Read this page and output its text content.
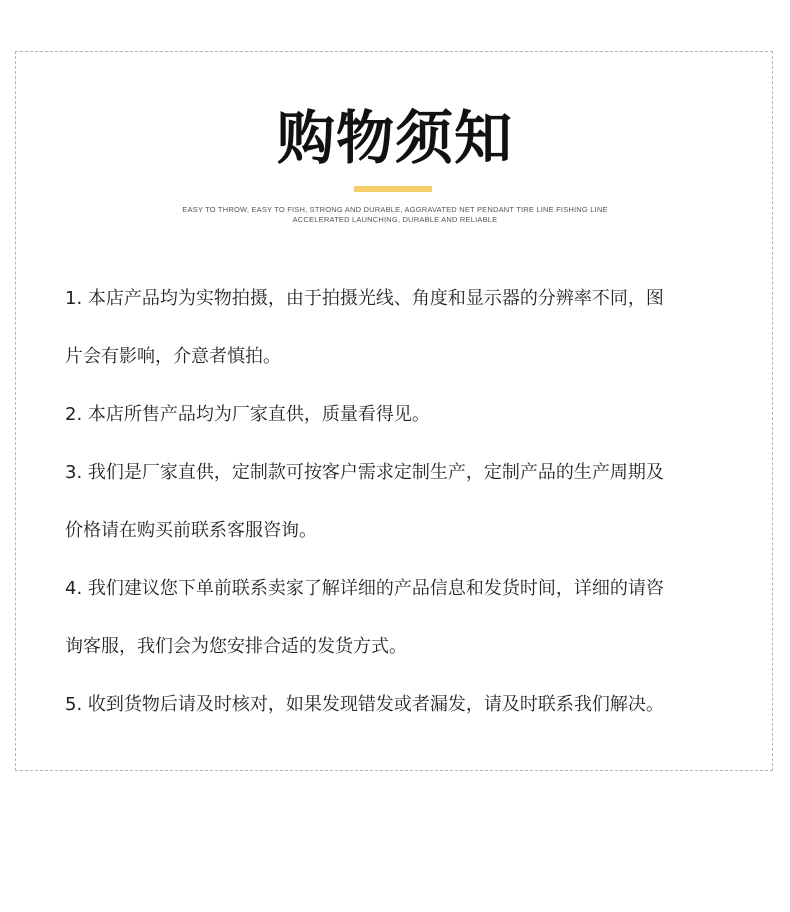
购物须知
EASY TO THROW, EASY TO FISH, STRONG AND DURABLE, AGGRAVATED NET PENDANT TIRE LINE FISHING LINE
ACCELERATED LAUNCHING, DURABLE AND RELIABLE
1. 本店产品均为实物拍摄，由于拍摄光线、角度和显示器的分辨率不同，图
片会有影响，介意者慎拍。
2. 本店所售产品均为厂家直供，质量看得见。
3. 我们是厂家直供，定制款可按客户需求定制生产，定制产品的生产周期及
价格请在购买前联系客服咨询。
4. 我们建议您下单前联系卖家了解详细的产品信息和发货时间，详细的请咨
询客服，我们会为您安排合适的发货方式。
5. 收到货物后请及时核对，如果发现错发或者漏发，请及时联系我们解决。
